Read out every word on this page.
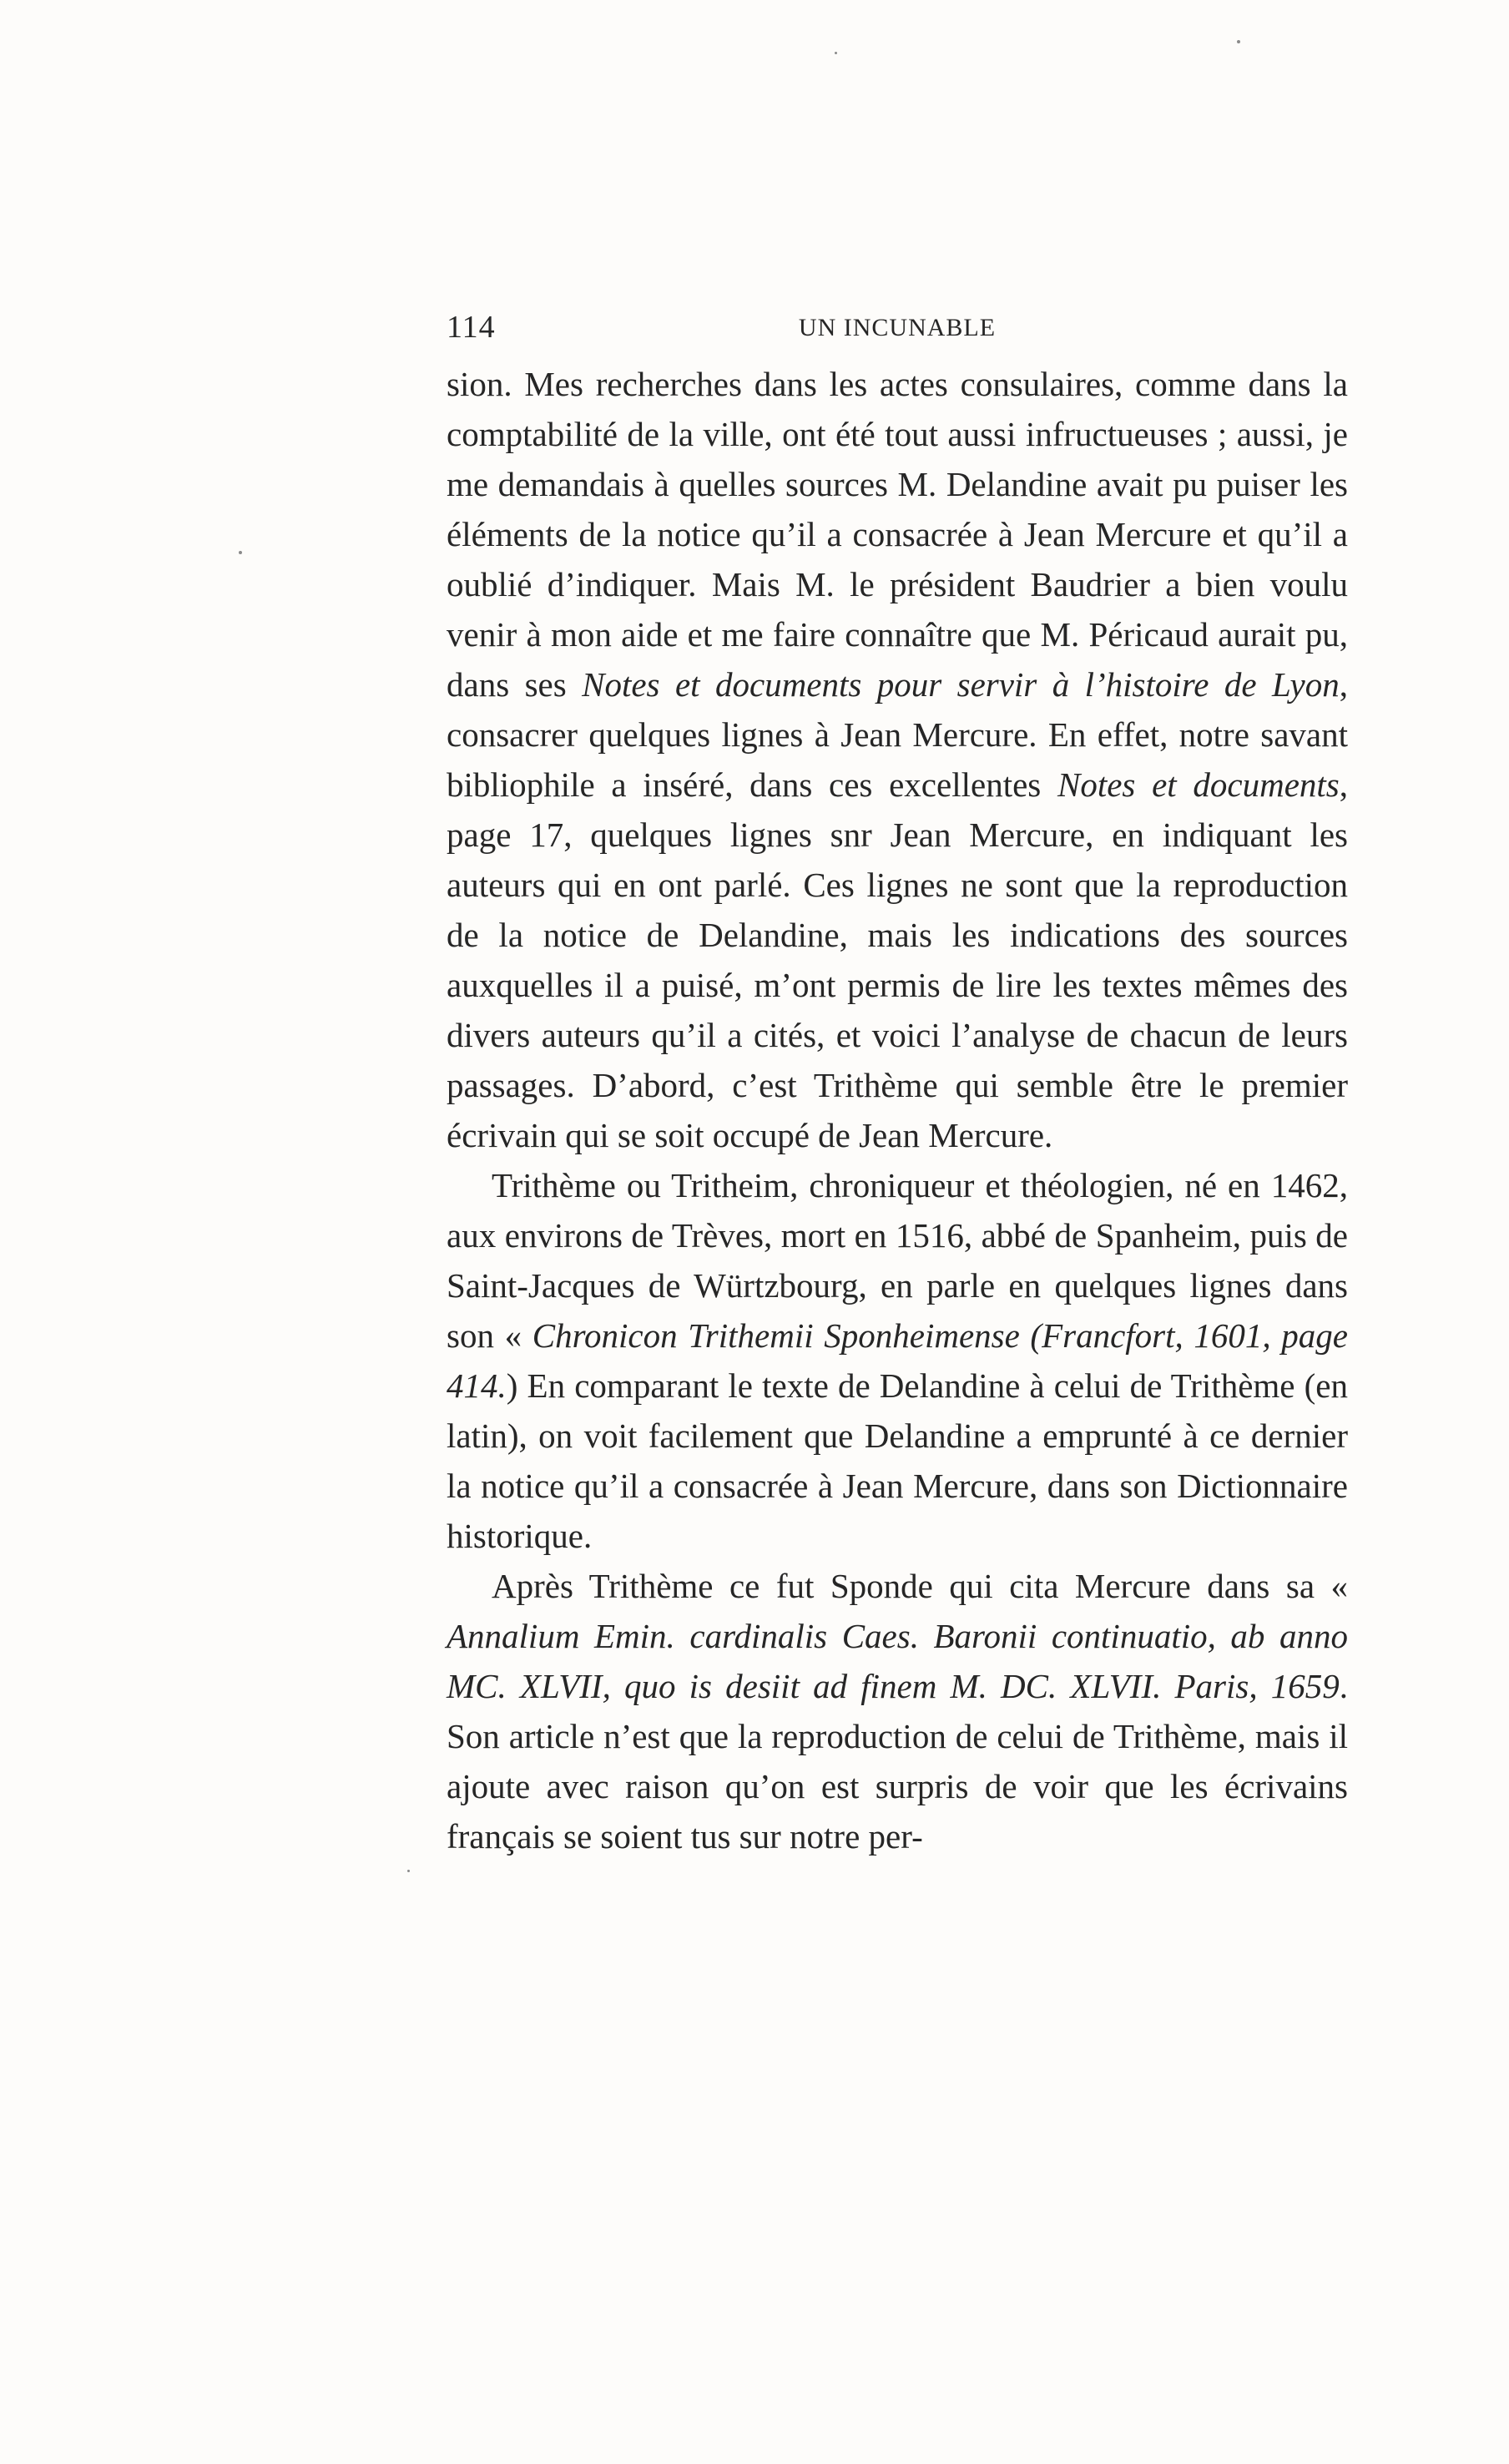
114	UN INCUNABLE

sion. Mes recherches dans les actes consulaires, comme dans la comptabilité de la ville, ont été tout aussi infructueuses ; aussi, je me demandais à quelles sources M. Delandine avait pu puiser les éléments de la notice qu’il a consacrée à Jean Mercure et qu’il a oublié d’indiquer. Mais M. le président Baudrier a bien voulu venir à mon aide et me faire connaître que M. Péricaud aurait pu, dans ses Notes et documents pour servir à l’histoire de Lyon, consacrer quelques lignes à Jean Mercure. En effet, notre savant bibliophile a inséré, dans ces excellentes Notes et documents, page 17, quelques lignes snr Jean Mercure, en indiquant les auteurs qui en ont parlé. Ces lignes ne sont que la reproduction de la notice de Delandine, mais les indications des sources auxquelles il a puisé, m’ont permis de lire les textes mêmes des divers auteurs qu’il a cités, et voici l’analyse de chacun de leurs passages. D’abord, c’est Trithème qui semble être le premier écrivain qui se soit occupé de Jean Mercure.

Trithème ou Tritheim, chroniqueur et théologien, né en 1462, aux environs de Trèves, mort en 1516, abbé de Spanheim, puis de Saint-Jacques de Würtzbourg, en parle en quelques lignes dans son « Chronicon Trithemii Sponheimense (Francfort, 1601, page 414.) En comparant le texte de Delandine à celui de Trithème (en latin), on voit facilement que Delandine a emprunté à ce dernier la notice qu’il a consacrée à Jean Mercure, dans son Dictionnaire historique.

Après Trithème ce fut Sponde qui cita Mercure dans sa « Annalium Emin. cardinalis Caes. Baronii continuatio, ab anno MC. XLVII, quo is desiit ad finem M. DC. XLVII. Paris, 1659. Son article n’est que la reproduction de celui de Trithème, mais il ajoute avec raison qu’on est surpris de voir que les écrivains français se soient tus sur notre per-
